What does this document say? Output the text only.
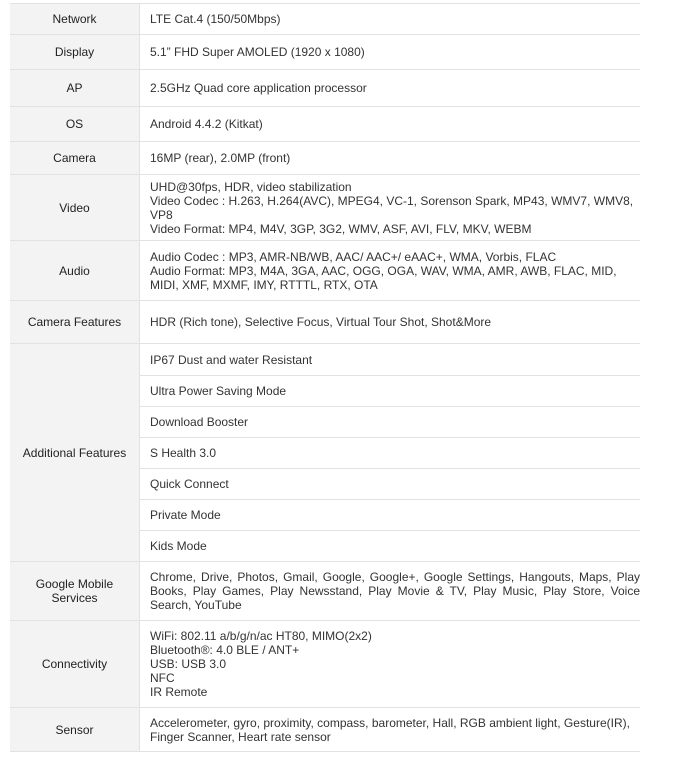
Network	LTE Cat.4 (150/50Mbps)

Display	5.1” FHD Super AMOLED (1920 x 1080)

AP	2.5GHz Quad core application processor

OS	Android 4.4.2 (Kitkat)

Camera	16MP (rear), 2.0MP (front)

Video	UHD@30fps, HDR, video stabilization
Video Codec : H.263, H.264(AVC), MPEG4, VC-1, Sorenson Spark, MP43, WMV7, WMV8, VP8
Video Format: MP4, M4V, 3GP, 3G2, WMV, ASF, AVI, FLV, MKV, WEBM

Audio	Audio Codec : MP3, AMR-NB/WB, AAC/ AAC+/ eAAC+, WMA, Vorbis, FLAC
Audio Format: MP3, M4A, 3GA, AAC, OGG, OGA, WAV, WMA, AMR, AWB, FLAC, MID, MIDI, XMF, MXMF, IMY, RTTTL, RTX, OTA

Camera Features	HDR (Rich tone), Selective Focus, Virtual Tour Shot, Shot&More

Additional Features	IP67 Dust and water Resistant
	Ultra Power Saving Mode
	Download Booster
	S Health 3.0
	Quick Connect
	Private Mode
	Kids Mode
Google Mobile Services	Chrome, Drive, Photos, Gmail, Google, Google+, Google Settings, Hangouts, Maps, Play Books, Play Games, Play Newsstand, Play Movie & TV, Play Music, Play Store, Voice Search, YouTube

Connectivity	WiFi: 802.11 a/b/g/n/ac HT80, MIMO(2x2)
Bluetooth®: 4.0 BLE / ANT+
USB: USB 3.0
NFC
IR Remote

Sensor	Accelerometer, gyro, proximity, compass, barometer, Hall, RGB ambient light, Gesture(IR), Finger Scanner, Heart rate sensor
